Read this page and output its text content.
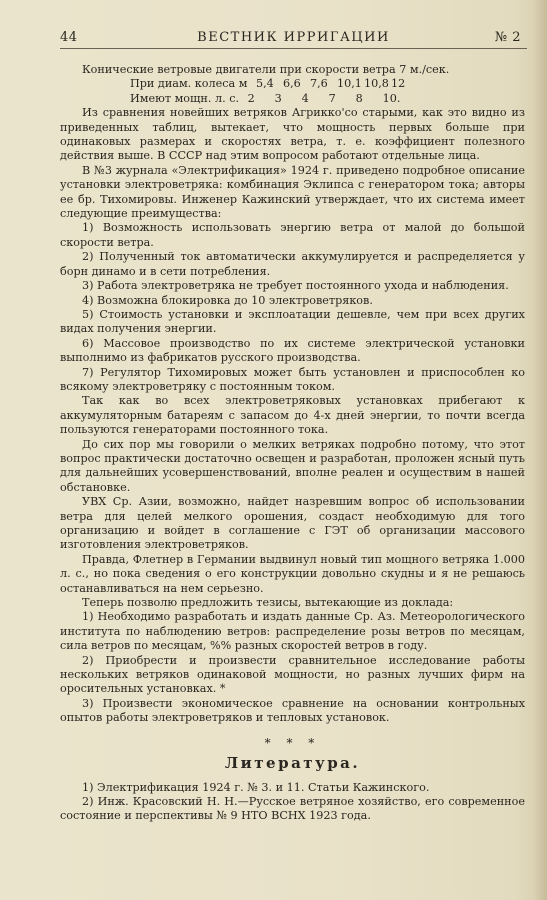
44	ВЕСТНИК ИРРИГАЦИИ	№ 2
Конические ветровые двигатели при скорости ветра 7 м./сек.
При диам. колеса м 5,4 6,6 7,6 10,1 10,8 12
Имеют мощн. л. с. 2 3 4 7 8 10.

Из сравнения новейших ветряков Агрикко'со старыми, как это видно из приведенных таблиц, вытекает, что мощность первых больше при одинаковых размерах и скоростях ветра, т. е. коэффициент полезного действия выше. В СССР над этим вопросом работают отдельные лица.

В №3 журнала «Электрификация» 1924 г. приведено подробное описание установки электроветряка: комбинация Эклипса с генератором тока; авторы ее бр. Тихомировы. Инженер Кажинский утверждает, что их система имеет следующие преимущества:

1) Возможность использовать энергию ветра от малой до большой скорости ветра.

2) Полученный ток автоматически аккумулируется и распределяется у борн динамо и в сети потребления.

3) Работа электроветряка не требует постоянного ухода и наблюдения.

4) Возможна блокировка до 10 электроветряков.

5) Стоимость установки и эксплоатации дешевле, чем при всех других видах получения энергии.

6) Массовое производство по их системе электрической установки выполнимо из фабрикатов русского производства.

7) Регулятор Тихомировых может быть установлен и приспособлен ко всякому электроветряку с постоянным током.

Так как во всех электроветряковых установках прибегают к аккумуляторным батареям с запасом до 4-х дней энергии, то почти всегда пользуются генераторами постоянного тока.

До сих пор мы говорили о мелких ветряках подробно потому, что этот вопрос практически достаточно освещен и разработан, проложен ясный путь для дальнейших усовершенствований, вполне реален и осуществим в нашей обстановке.

УВХ Ср. Азии, возможно, найдет назревшим вопрос об использовании ветра для целей мелкого орошения, создаст необходимую для того организацию и войдет в соглашение с ГЭТ об организации массового изготовления электроветряков.

Правда, Флетнер в Германии выдвинул новый тип мощного ветряка 1.000 л. с., но пока сведения о его конструкции довольно скудны и я не решаюсь останавливаться на нем серьезно.

Теперь позволю предложить тезисы, вытекающие из доклада:

1) Необходимо разработать и издать данные Ср. Аз. Метеорологического института по наблюдению ветров: распределение розы ветров по месяцам, сила ветров по месяцам, %% разных скоростей ветров в году.

2) Приобрести и произвести сравнительное исследование работы нескольких ветряков одинаковой мощности, но разных лучших фирм на оросительных установках. *

3) Произвести экономическое сравнение на основании контрольных опытов работы электроветряков и тепловых установок.

* * *
Литература.

1) Электрификация 1924 г. № 3. и 11. Статьи Кажинского.

2) Инж. Красовский Н. Н.—Русское ветряное хозяйство, его современное состояние и перспективы № 9 НТО ВСНХ 1923 года.
